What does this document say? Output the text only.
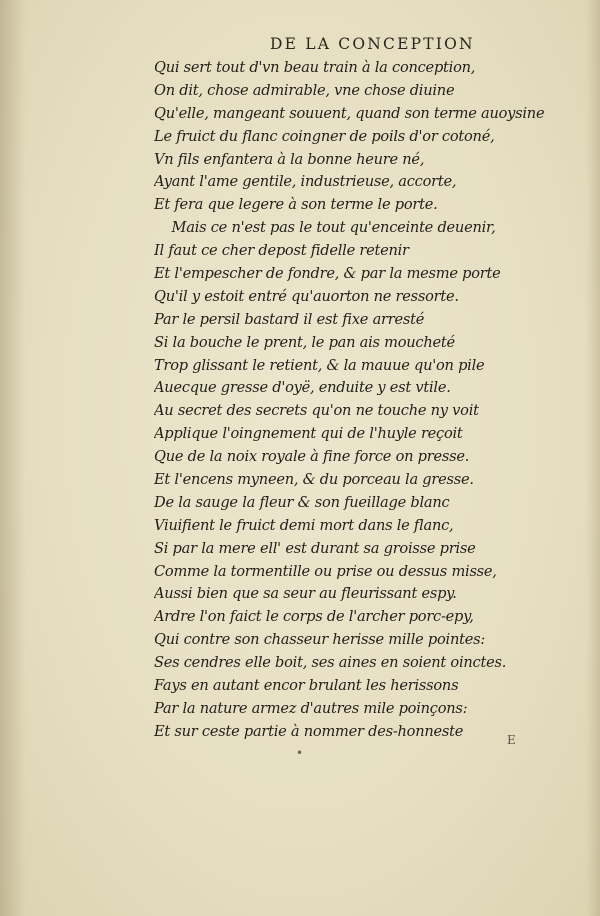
DE LA CONCEPTION
Qui sert tout d'vn beau train à la conception,
On dit, chose admirable, vne chose diuine
Qu'elle, mangeant souuent, quand son terme auoysine
Le fruict du flanc coingner de poils d'or cotoné,
Vn fils enfantera à la bonne heure né,
Ayant l'ame gentile, industrieuse, accorte,
Et fera que legere à son terme le porte.
Mais ce n'est pas le tout qu'enceinte deuenir,
Il faut ce cher depost fidelle retenir
Et l'empescher de fondre, & par la mesme porte
Qu'il y estoit entré qu'auorton ne ressorte.
Par le persil bastard il est fixe arresté
Si la bouche le prent, le pan ais moucheté
Trop glissant le retient, & la mauue qu'on pile
Auecque gresse d'oyë, enduite y est vtile.
Au secret des secrets qu'on ne touche ny voit
Applique l'oingnement qui de l'huyle reçoit
Que de la noix royale à fine force on presse.
Et l'encens myneen, & du porceau la gresse.
De la sauge la fleur & son fueillage blanc
Viuifient le fruict demi mort dans le flanc,
Si par la mere ell' est durant sa groisse prise
Comme la tormentille ou prise ou dessus misse,
Aussi bien que sa seur au fleurissant espy.
Ardre l'on faict le corps de l'archer porc-epy,
Qui contre son chasseur herisse mille pointes:
Ses cendres elle boit, ses aines en soient oinctes.
Fays en autant encor brulant les herissons
Par la nature armez d'autres mile poinçons:
Et sur ceste partie à nommer des-honneste
E
•
